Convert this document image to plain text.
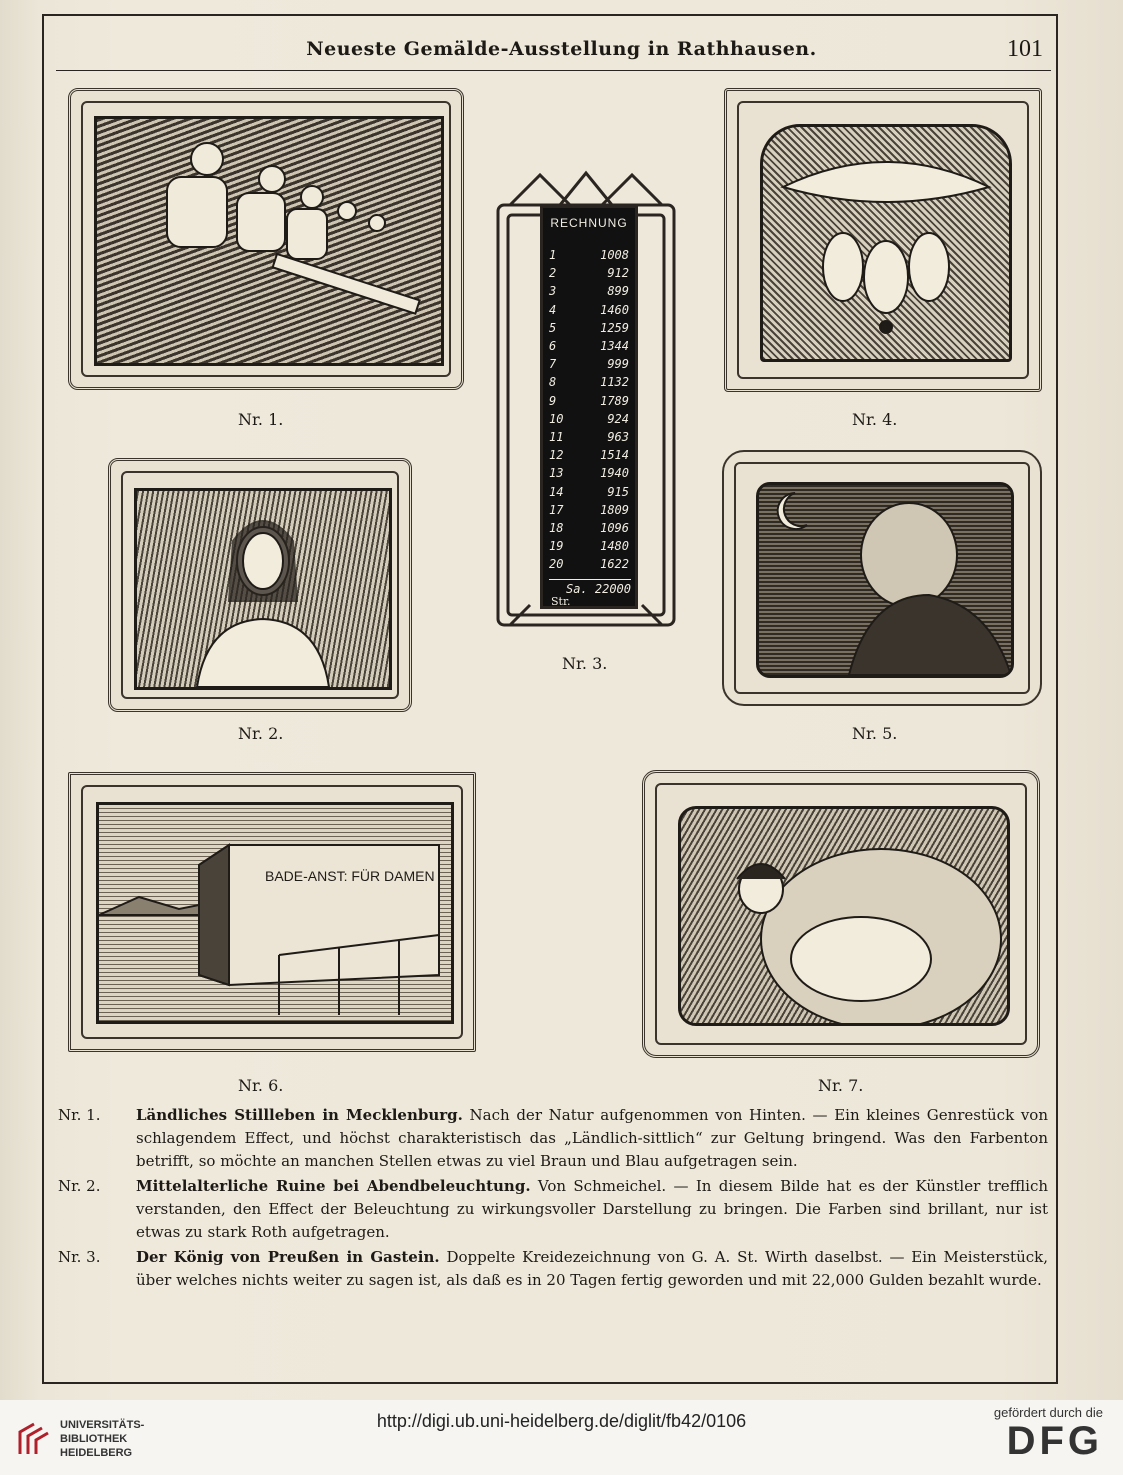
Neueste Gemälde-Ausstellung in Rathhausen.	101
Nr. 1.
Nr. 2.
RECHNUNG
1	1008
2	912
3	899
4	1460
5	1259
6	1344
7	999
8	1132
9	1789
10	924
11	963
12	1514
13	1940
14	915
17	1809
18	1096
19	1480
20	1622
Sa. 22000
Str.
Nr. 3.
Nr. 4.
Nr. 5.
BADE-ANST: FÜR DAMEN
Nr. 6.	Nr. 7.
Nr. 1. Ländliches Stillleben in Mecklenburg. Nach der Natur aufgenommen von Hinten. — Ein kleines Genrestück von schlagendem Effect, und höchst charakteristisch das „Ländlich-sittlich“ zur Geltung bringend. Was den Farbenton betrifft, so möchte an manchen Stellen etwas zu viel Braun und Blau aufgetragen sein.
Nr. 2. Mittelalterliche Ruine bei Abendbeleuchtung. Von Schmeichel. — In diesem Bilde hat es der Künstler trefflich verstanden, den Effect der Beleuchtung zu wirkungsvoller Darstellung zu bringen. Die Farben sind brillant, nur ist etwas zu stark Roth aufgetragen.
Nr. 3. Der König von Preußen in Gastein. Doppelte Kreidezeichnung von G. A. St. Wirth daselbst. — Ein Meisterstück, über welches nichts weiter zu sagen ist, als daß es in 20 Tagen fertig geworden und mit 22,000 Gulden bezahlt wurde.
UNIVERSITÄTS-
BIBLIOTHEK
HEIDELBERG
http://digi.ub.uni-heidelberg.de/diglit/fb42/0106	gefördert durch die
DFG
